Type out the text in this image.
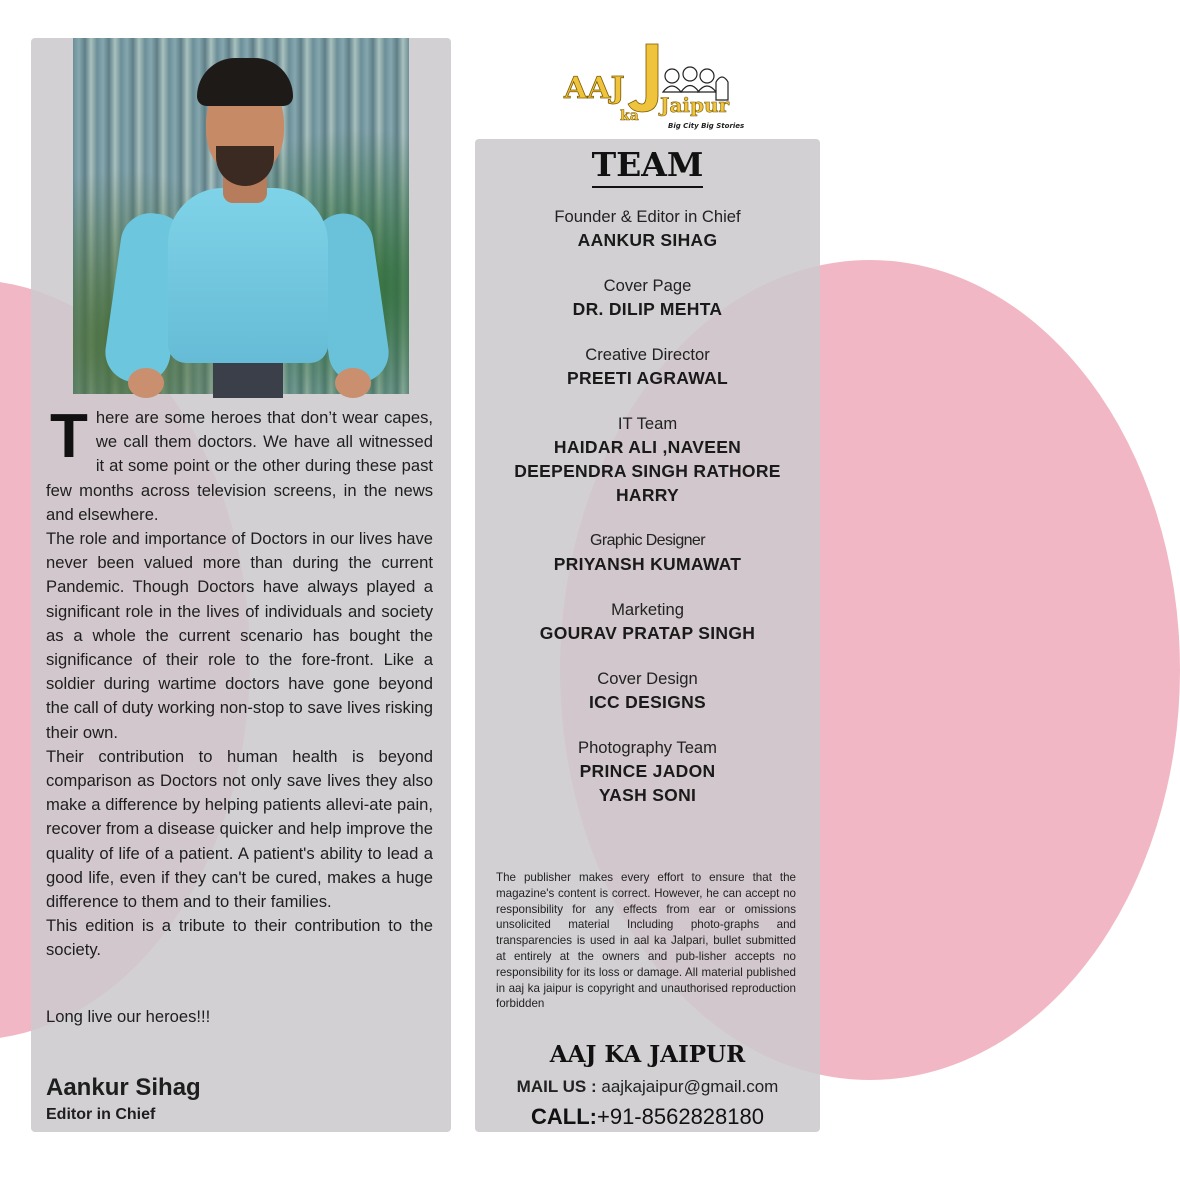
There are some heroes that don’t wear capes, we call them doctors. We have all witnessed it at some point or the other during these past few months across television screens, in the news and elsewhere.

The role and importance of Doctors in our lives have never been valued more than during the current Pandemic. Though Doctors have always played a significant role in the lives of individuals and society as a whole the current scenario has bought the significance of their role to the fore-front. Like a soldier during wartime doctors have gone beyond the call of duty working non-stop to save lives risking their own.

Their contribution to human health is beyond comparison as Doctors not only save lives they also make a difference by helping patients allevi-ate pain, recover from a disease quicker and help improve the quality of life of a patient. A patient's ability to lead a good life, even if they can't be cured, makes a huge difference to them and to their families.

This edition is a tribute to their contribution to the society.

Long live our heroes!!!
Aankur Sihag
Editor in Chief
AAJ
ka Jaipur
Big City Big Stories
TEAM
Founder & Editor in Chief
AANKUR SIHAG
Cover Page
DR. DILIP MEHTA
Creative Director
PREETI AGRAWAL
IT Team
HAIDAR ALI ,NAVEEN
DEEPENDRA SINGH RATHORE
HARRY
Graphic Designer
PRIYANSH KUMAWAT
Marketing
GOURAV PRATAP SINGH
Cover Design
ICC DESIGNS
Photography Team
PRINCE JADON
YASH SONI
The publisher makes every effort to ensure that the magazine's content is correct. However, he can accept no responsibility for any effects from ear or omissions unsolicited material Including photo-graphs and transparencies is used in aal ka Jalpari, bullet submitted at entirely at the owners and pub-lisher accepts no responsibility for its loss or damage. All material published in aaj ka jaipur is copyright and unauthorised reproduction forbidden
AAJ KA JAIPUR
MAIL US : aajkajaipur@gmail.com
CALL:+91-8562828180
